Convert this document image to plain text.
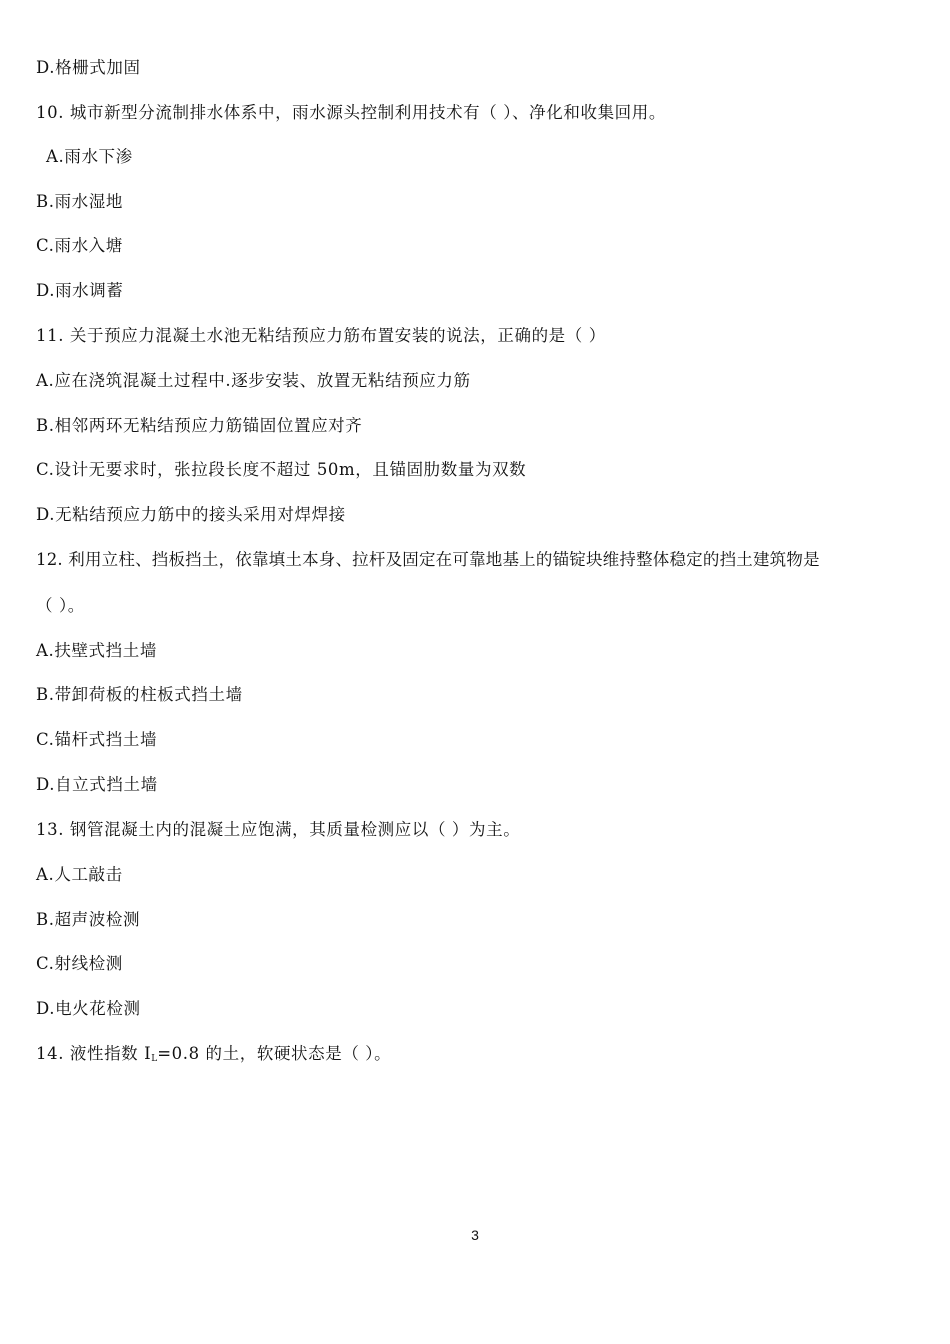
D.格栅式加固
10. 城市新型分流制排水体系中，雨水源头控制利用技术有（ ）、净化和收集回用。
A.雨水下渗
B.雨水湿地
C.雨水入塘
D.雨水调蓄
11. 关于预应力混凝土水池无粘结预应力筋布置安装的说法，正确的是（ ）
A.应在浇筑混凝土过程中.逐步安装、放置无粘结预应力筋
B.相邻两环无粘结预应力筋锚固位置应对齐
C.设计无要求时，张拉段长度不超过 50m，且锚固肋数量为双数
D.无粘结预应力筋中的接头采用对焊焊接
12. 利用立柱、挡板挡土，依靠填土本身、拉杆及固定在可靠地基上的锚锭块维持整体稳定的挡土建筑物是
（ ）。
A.扶壁式挡土墙
B.带卸荷板的柱板式挡土墙
C.锚杆式挡土墙
D.自立式挡土墙
13. 钢管混凝土内的混凝土应饱满，其质量检测应以（ ）为主。
A.人工敲击
B.超声波检测
C.射线检测
D.电火花检测
14. 液性指数 $I_L=0.8$ 的土，软硬状态是（ ）。
3
